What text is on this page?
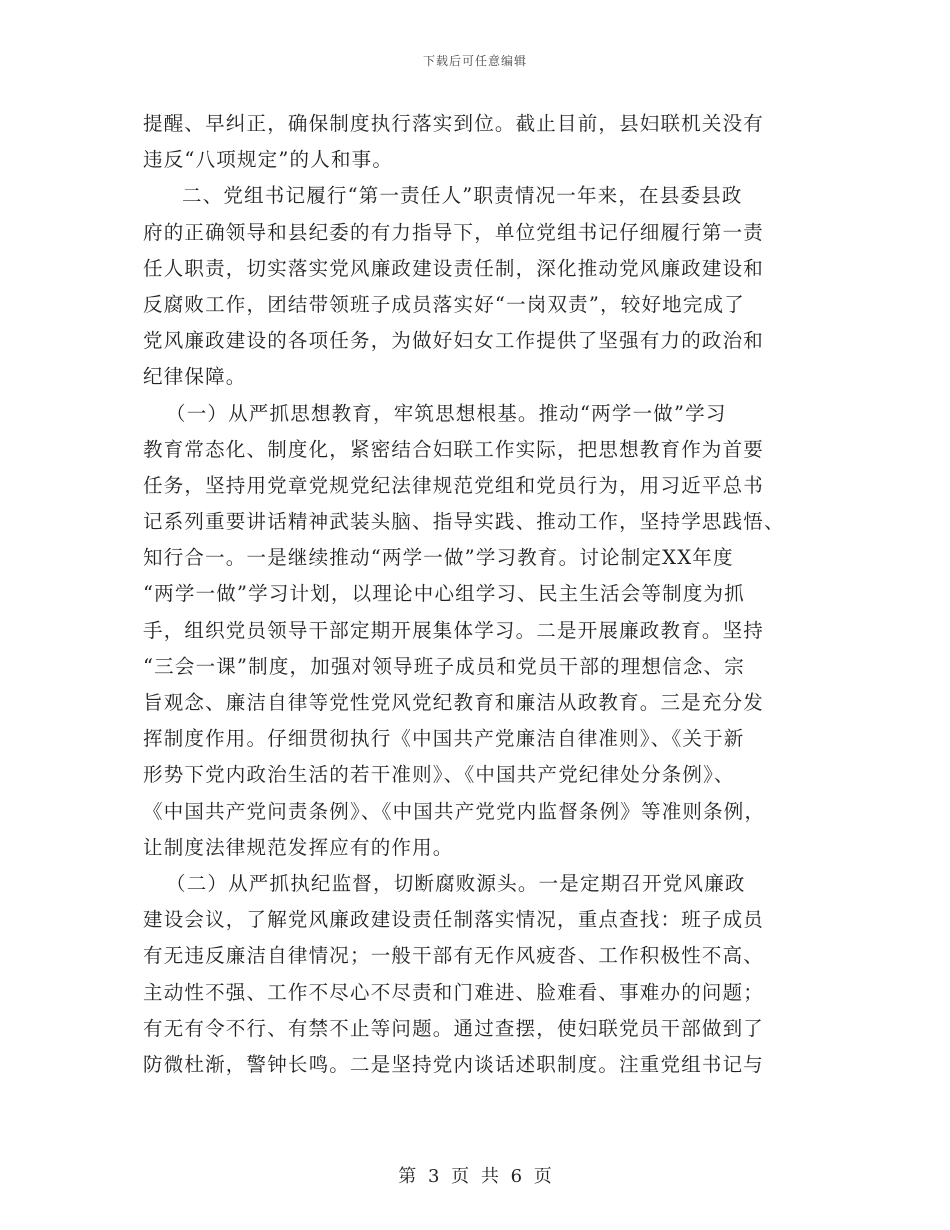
下载后可任意编辑
提醒、早纠正，确保制度执行落实到位。截止目前，县妇联机关没有
违反“八项规定”的人和事。
二、党组书记履行“第一责任人”职责情况一年来，在县委县政
府的正确领导和县纪委的有力指导下，单位党组书记仔细履行第一责
任人职责，切实落实党风廉政建设责任制，深化推动党风廉政建设和
反腐败工作，团结带领班子成员落实好“一岗双责”，较好地完成了
党风廉政建设的各项任务，为做好妇女工作提供了坚强有力的政治和
纪律保障。
（一）从严抓思想教育，牢筑思想根基。推动“两学一做”学习
教育常态化、制度化，紧密结合妇联工作实际，把思想教育作为首要
任务，坚持用党章党规党纪法律规范党组和党员行为，用习近平总书
记系列重要讲话精神武装头脑、指导实践、推动工作，坚持学思践悟、
知行合一。一是继续推动“两学一做”学习教育。讨论制定XX年度
“两学一做”学习计划，以理论中心组学习、民主生活会等制度为抓
手，组织党员领导干部定期开展集体学习。二是开展廉政教育。坚持
“三会一课”制度，加强对领导班子成员和党员干部的理想信念、宗
旨观念、廉洁自律等党性党风党纪教育和廉洁从政教育。三是充分发
挥制度作用。仔细贯彻执行《中国共产党廉洁自律准则》、《关于新
形势下党内政治生活的若干准则》、《中国共产党纪律处分条例》、
《中国共产党问责条例》、《中国共产党党内监督条例》等准则条例，
让制度法律规范发挥应有的作用。
（二）从严抓执纪监督，切断腐败源头。一是定期召开党风廉政
建设会议，了解党风廉政建设责任制落实情况，重点查找：班子成员
有无违反廉洁自律情况；一般干部有无作风疲沓、工作积极性不高、
主动性不强、工作不尽心不尽责和门难进、脸难看、事难办的问题；
有无有令不行、有禁不止等问题。通过查摆，使妇联党员干部做到了
防微杜渐，警钟长鸣。二是坚持党内谈话述职制度。注重党组书记与
第 3 页 共 6 页
